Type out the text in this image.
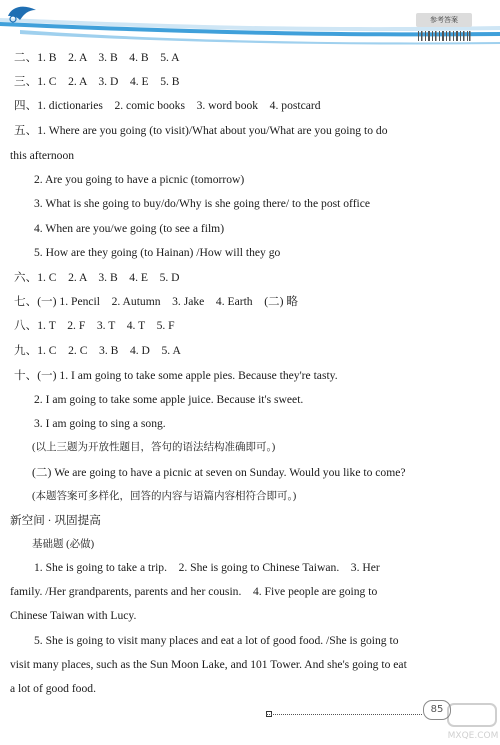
参考答案
二、1. B　2. A　3. B　4. B　5. A
三、1. C　2. A　3. D　4. E　5. B
四、1. dictionaries　2. comic books　3. word book　4. postcard
五、1. Where are you going (to visit)/What about you/What are you going to do
this afternoon
2. Are you going to have a picnic (tomorrow)
3. What is she going to buy/do/Why is she going there/ to the post office
4. When are you/we going (to see a film)
5. How are they going (to Hainan) /How will they go
六、1. C　2. A　3. B　4. E　5. D
七、(一) 1. Pencil　2. Autumn　3. Jake　4. Earth　(二) 略
八、1. T　2. F　3. T　4. T　5. F
九、1. C　2. C　3. B　4. D　5. A
十、(一) 1. I am going to take some apple pies. Because they're tasty.
2. I am going to take some apple juice. Because it's sweet.
3. I am going to sing a song.
(以上三题为开放性题目，答句的语法结构准确即可。)
(二) We are going to have a picnic at seven on Sunday. Would you like to come?
(本题答案可多样化，回答的内容与语篇内容相符合即可。)
新空间 · 巩固提高
基础题 (必做)
1. She is going to take a trip.　2. She is going to Chinese Taiwan.　3. Her
family. /Her grandparents, parents and her cousin.　4. Five people are going to
Chinese Taiwan with Lucy.
5. She is going to visit many places and eat a lot of good food. /She is going to
visit many places, such as the Sun Moon Lake, and 101 Tower. And she's going to eat
a lot of good food.
85
MXQE.COM
